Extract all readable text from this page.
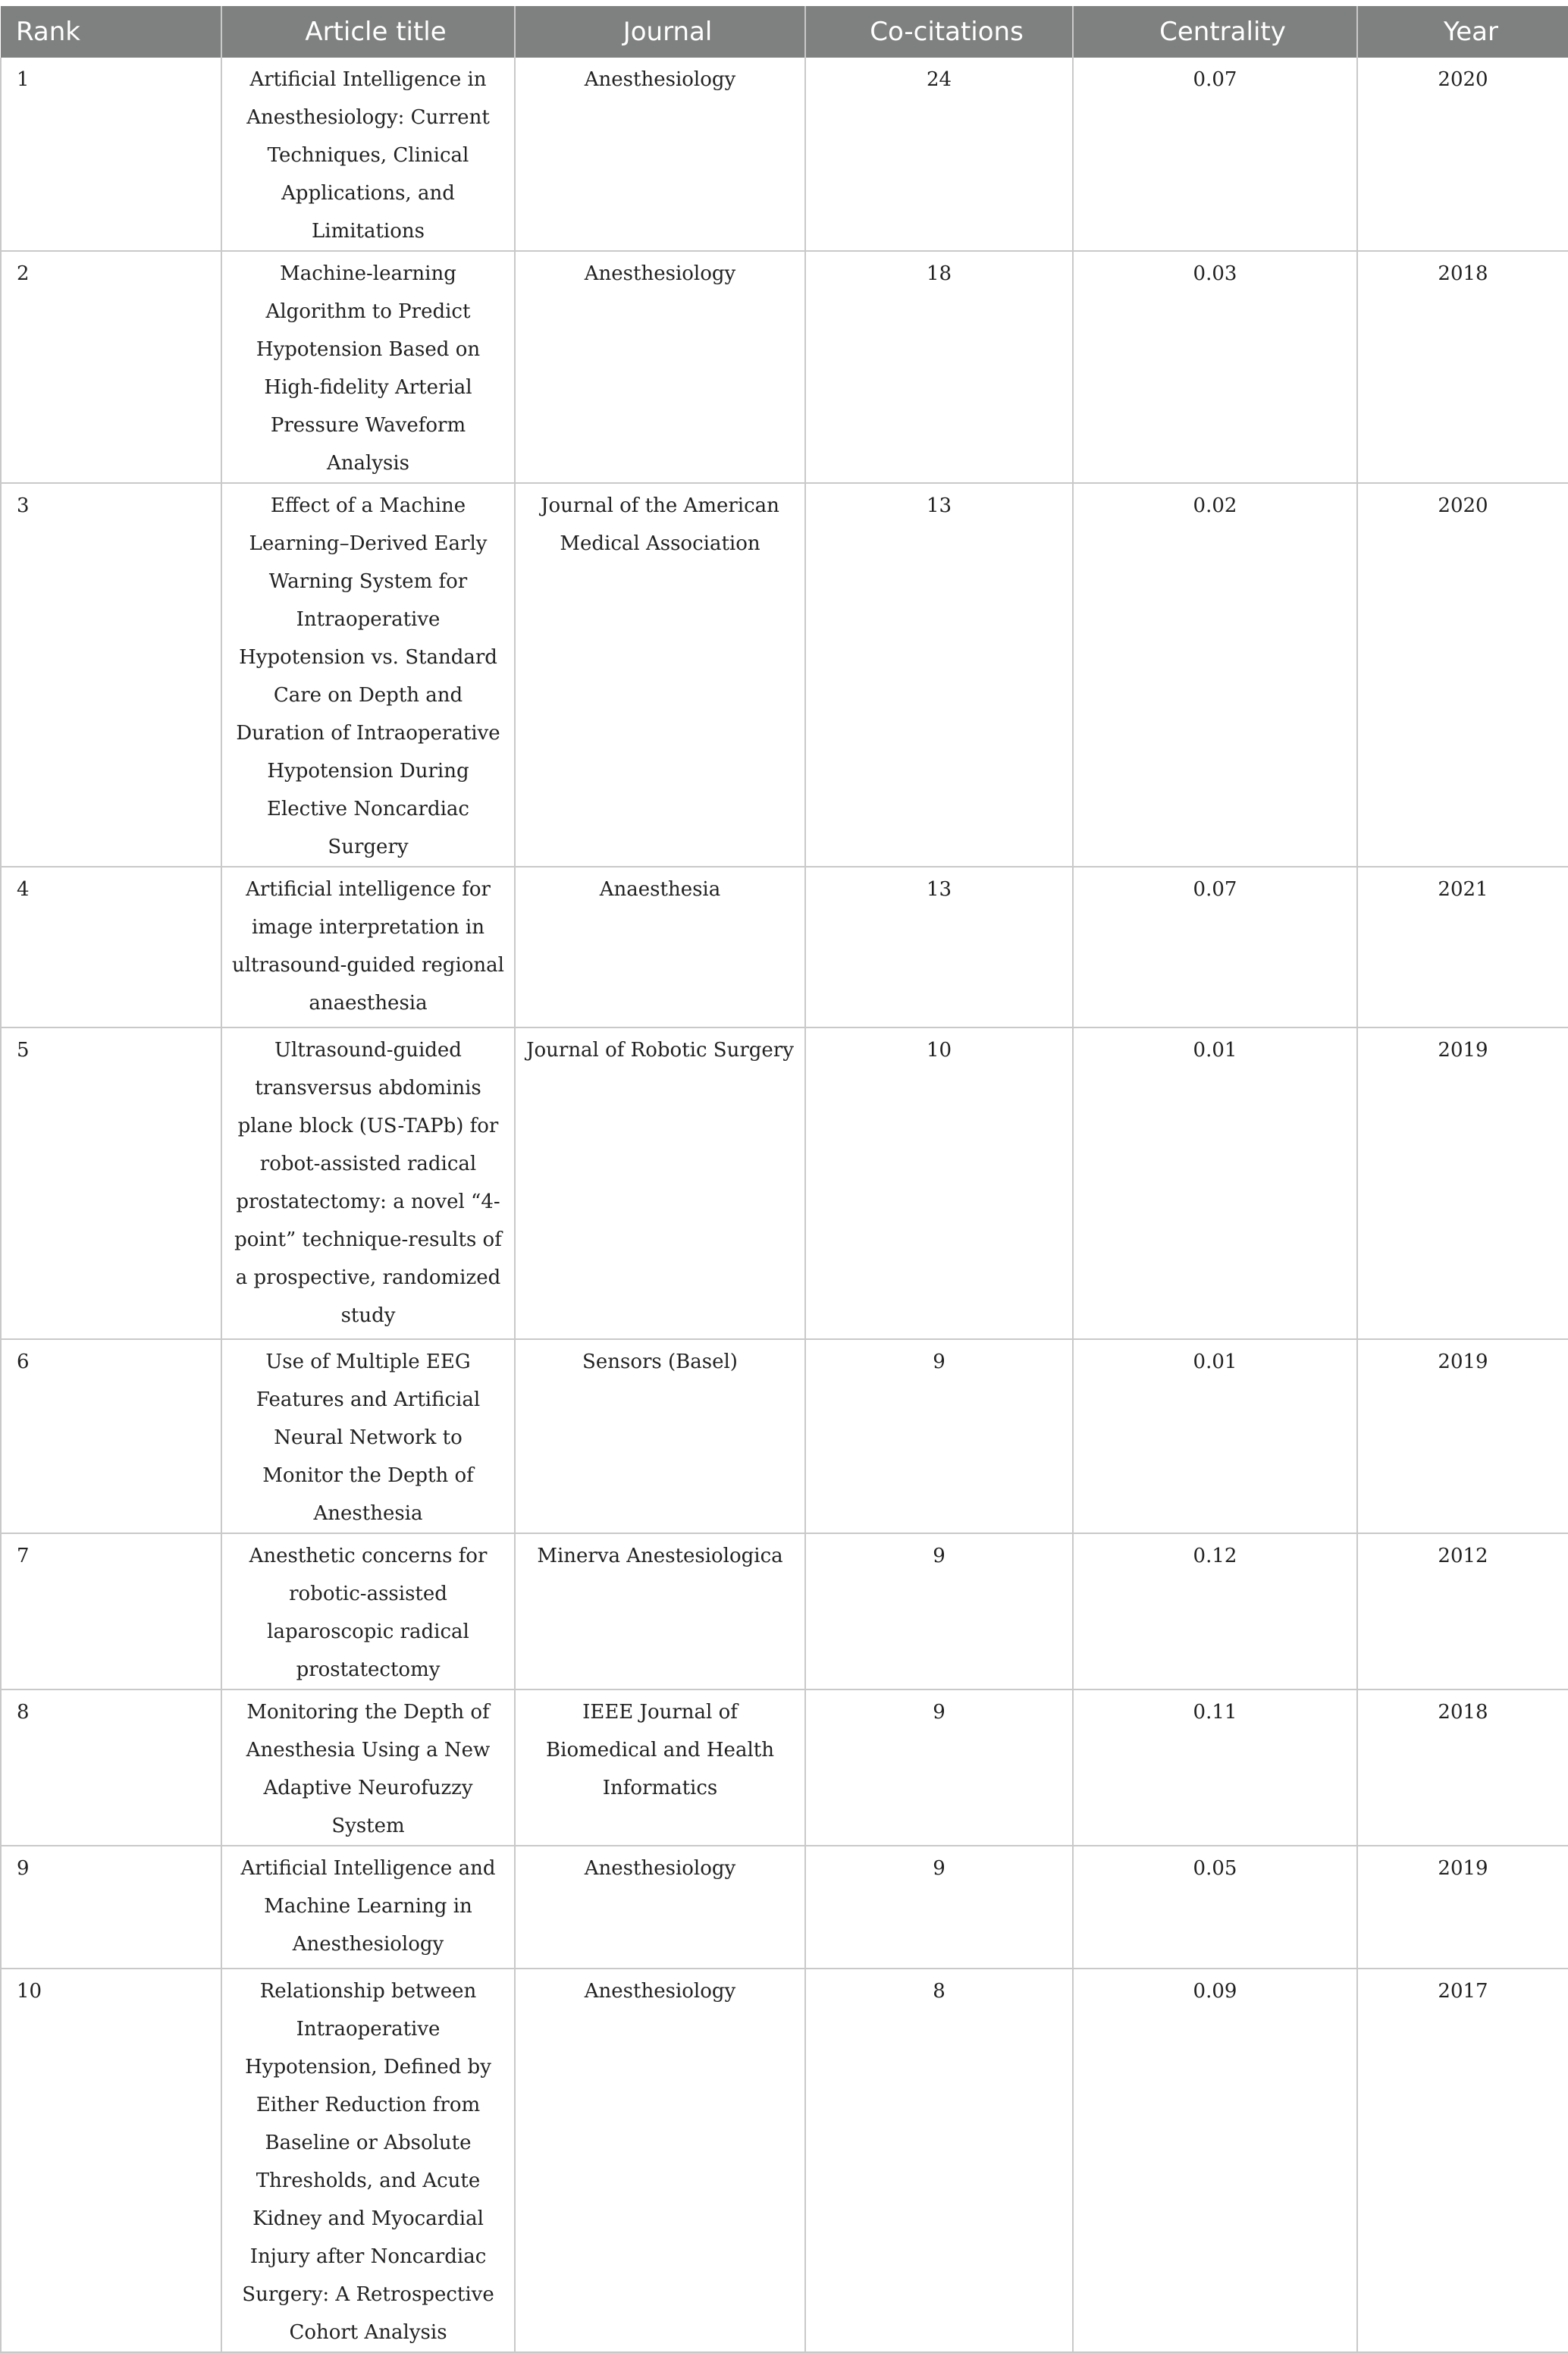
Rank	Article title	Journal	Co-citations	Centrality	Year
1	Artificial Intelligence in Anesthesiology: Current Techniques, Clinical Applications, and Limitations	Anesthesiology	24	0.07	2020
2	Machine-learning Algorithm to Predict Hypotension Based on High-fidelity Arterial Pressure Waveform Analysis	Anesthesiology	18	0.03	2018
3	Effect of a Machine Learning–Derived Early Warning System for Intraoperative Hypotension vs. Standard Care on Depth and Duration of Intraoperative Hypotension During Elective Noncardiac Surgery	Journal of the American Medical Association	13	0.02	2020
4	Artificial intelligence for image interpretation in ultrasound-guided regional anaesthesia	Anaesthesia	13	0.07	2021
5	Ultrasound-guided transversus abdominis plane block (US-TAPb) for robot-assisted radical prostatectomy: a novel “4-point” technique-results of a prospective, randomized study	Journal of Robotic Surgery	10	0.01	2019
6	Use of Multiple EEG Features and Artificial Neural Network to Monitor the Depth of Anesthesia	Sensors (Basel)	9	0.01	2019
7	Anesthetic concerns for robotic-assisted laparoscopic radical prostatectomy	Minerva Anestesiologica	9	0.12	2012
8	Monitoring the Depth of Anesthesia Using a New Adaptive Neurofuzzy System	IEEE Journal of Biomedical and Health Informatics	9	0.11	2018
9	Artificial Intelligence and Machine Learning in Anesthesiology	Anesthesiology	9	0.05	2019
10	Relationship between Intraoperative Hypotension, Defined by Either Reduction from Baseline or Absolute Thresholds, and Acute Kidney and Myocardial Injury after Noncardiac Surgery: A Retrospective Cohort Analysis	Anesthesiology	8	0.09	2017
